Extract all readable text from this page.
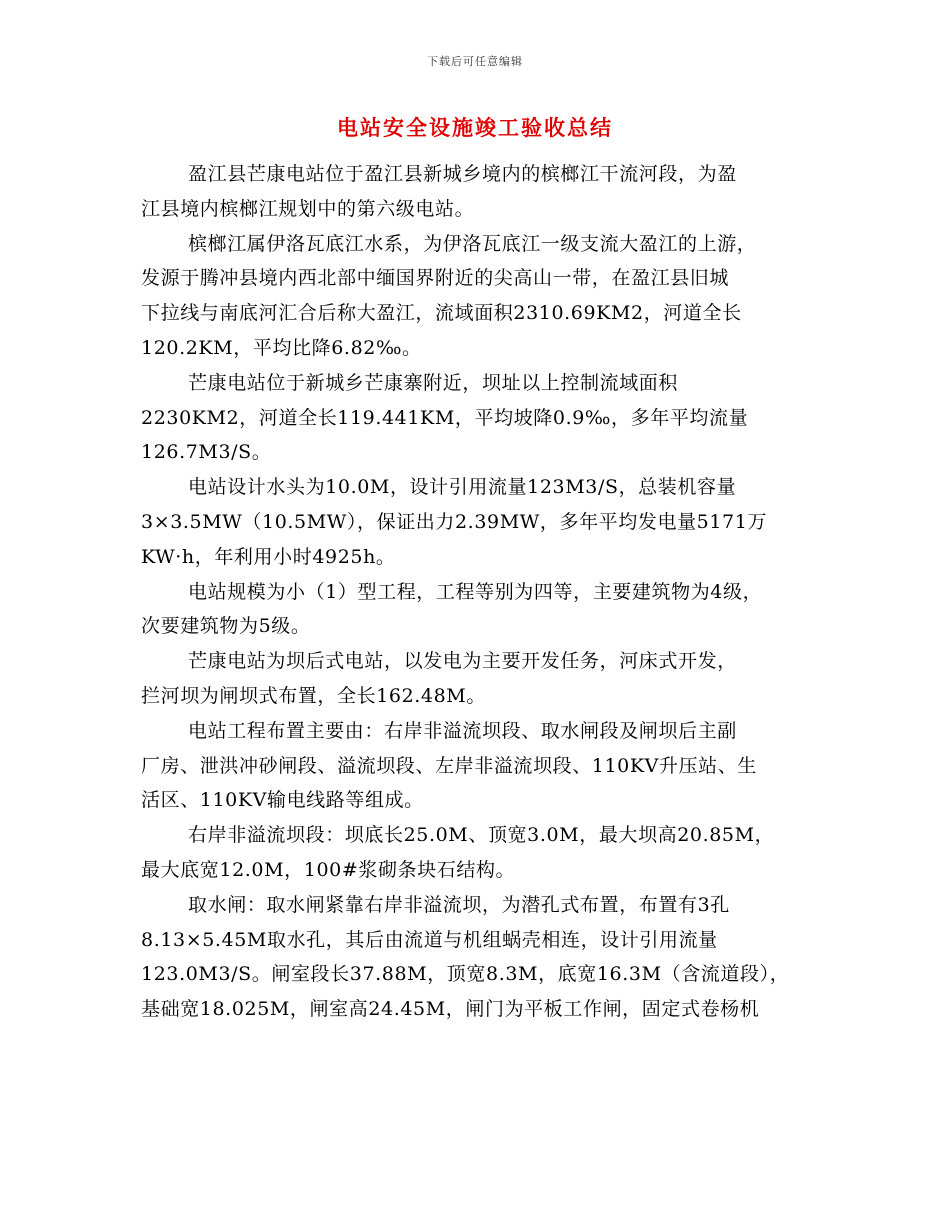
下载后可任意编辑
电站安全设施竣工验收总结
盈江县芒康电站位于盈江县新城乡境内的槟榔江干流河段，为盈
江县境内槟榔江规划中的第六级电站。
槟榔江属伊洛瓦底江水系，为伊洛瓦底江一级支流大盈江的上游，
发源于腾冲县境内西北部中缅国界附近的尖高山一带，在盈江县旧城
下拉线与南底河汇合后称大盈江，流域面积2310.69KM2，河道全长
120.2KM，平均比降6.82‰。
芒康电站位于新城乡芒康寨附近，坝址以上控制流域面积
2230KM2，河道全长119.441KM，平均坡降0.9‰，多年平均流量
126.7M3/S。
电站设计水头为10.0M，设计引用流量123M3/S，总装机容量
3×3.5MW（10.5MW），保证出力2.39MW，多年平均发电量5171万
KW·h，年利用小时4925h。
电站规模为小（1）型工程，工程等别为四等，主要建筑物为4级，
次要建筑物为5级。
芒康电站为坝后式电站，以发电为主要开发任务，河床式开发，
拦河坝为闸坝式布置，全长162.48M。
电站工程布置主要由：右岸非溢流坝段、取水闸段及闸坝后主副
厂房、泄洪冲砂闸段、溢流坝段、左岸非溢流坝段、110KV升压站、生
活区、110KV输电线路等组成。
右岸非溢流坝段：坝底长25.0M、顶宽3.0M，最大坝高20.85M，
最大底宽12.0M，100#浆砌条块石结构。
取水闸：取水闸紧靠右岸非溢流坝，为潜孔式布置，布置有3孔
8.13×5.45M取水孔，其后由流道与机组蜗壳相连，设计引用流量
123.0M3/S。闸室段长37.88M，顶宽8.3M，底宽16.3M（含流道段），
基础宽18.025M，闸室高24.45M，闸门为平板工作闸，固定式卷杨机
